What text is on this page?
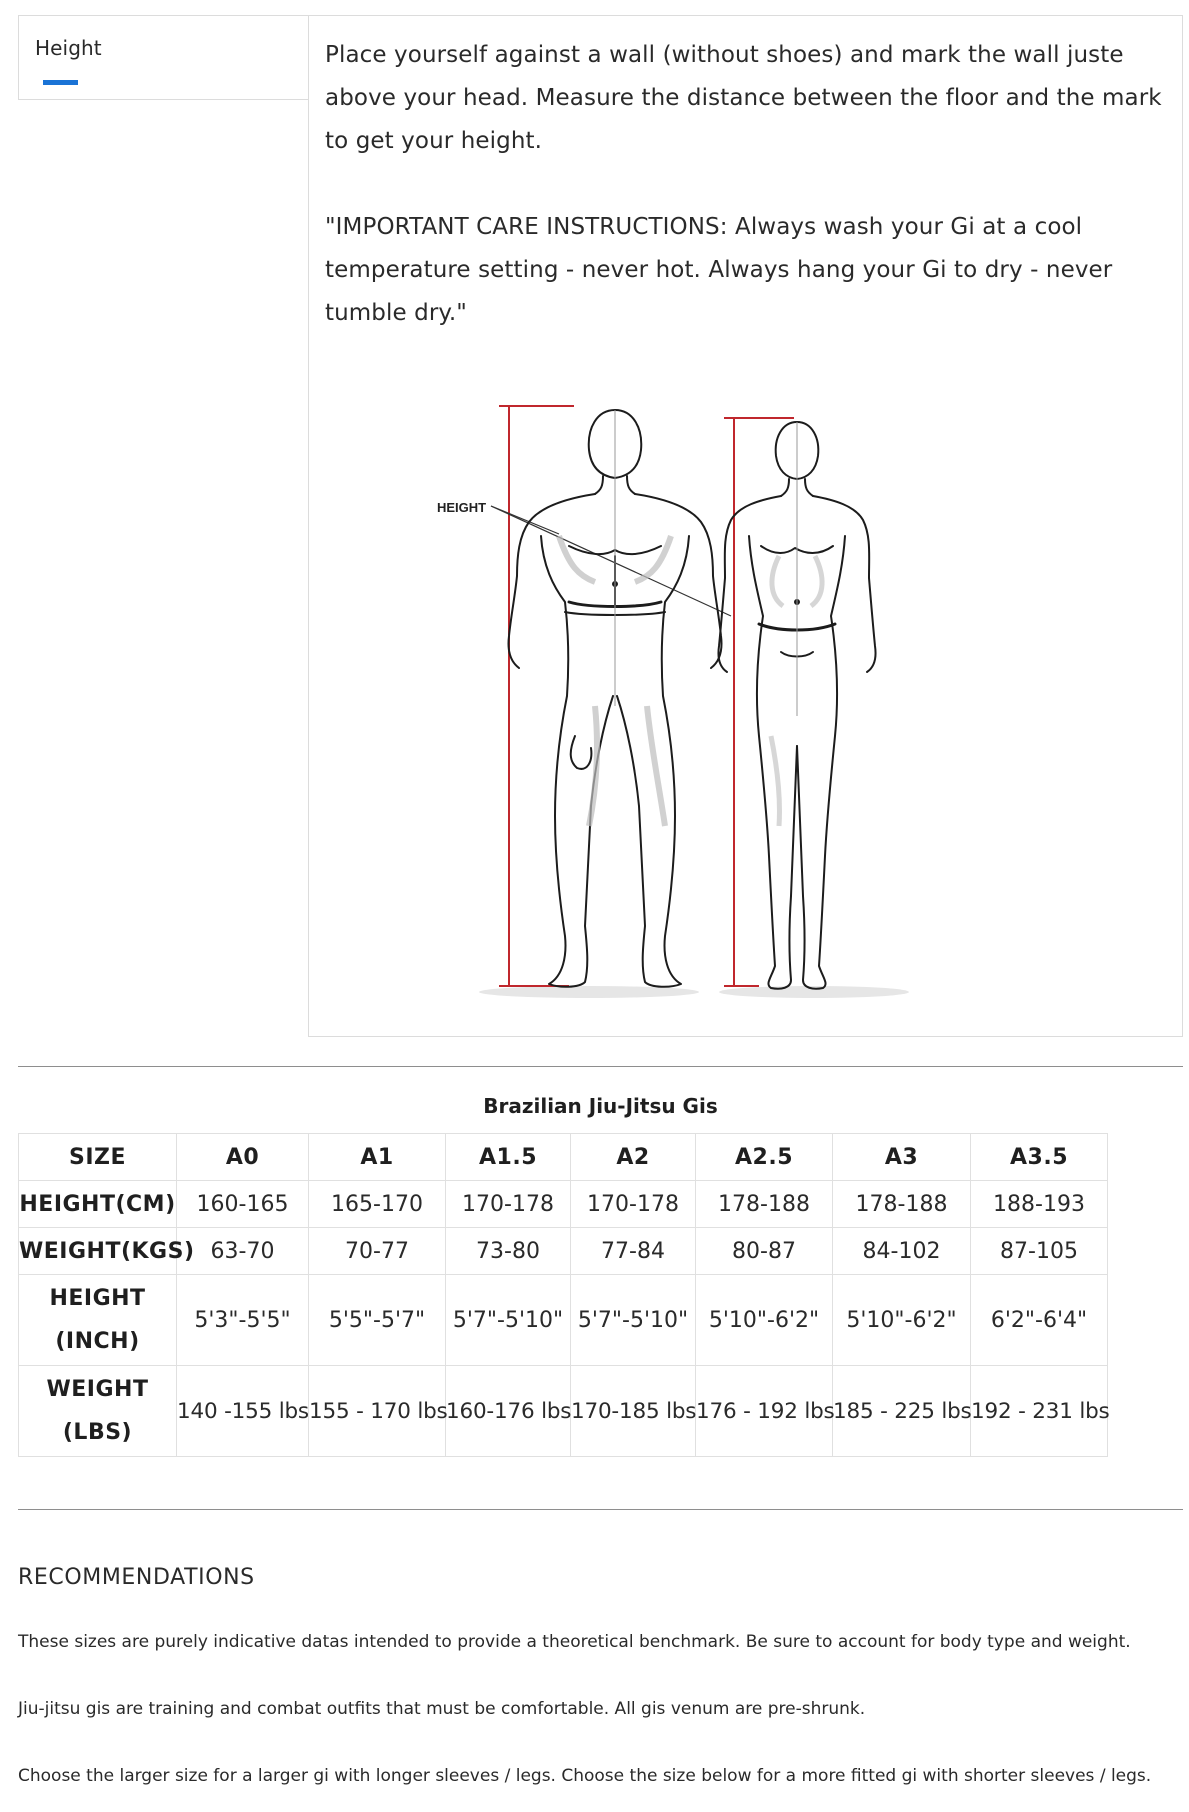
Height	Place yourself against a wall (without shoes) and mark the wall juste above your head. Measure the distance between the floor and the mark to get your height.

"IMPORTANT CARE INSTRUCTIONS: Always wash your Gi at a cool temperature setting - never hot. Always hang your Gi to dry - never tumble dry."

HEIGHT
Brazilian Jiu-Jitsu Gis
SIZE	A0	A1	A1.5	A2	A2.5	A3	A3.5
HEIGHT(CM)	160-165	165-170	170-178	170-178	178-188	178-188	188-193
WEIGHT(KGS)	63-70	70-77	73-80	77-84	80-87	84-102	87-105
HEIGHT (INCH)	5'3"-5'5"	5'5"-5'7"	5'7"-5'10"	5'7"-5'10"	5'10"-6'2"	5'10"-6'2"	6'2"-6'4"
WEIGHT (LBS)	140 -155 lbs	155 - 170 lbs	160-176 lbs	170-185 lbs	176 - 192 lbs	185 - 225 lbs	192 - 231 lbs
RECOMMENDATIONS

These sizes are purely indicative datas intended to provide a theoretical benchmark. Be sure to account for body type and weight.

Jiu-jitsu gis are training and combat outfits that must be comfortable. All gis venum are pre-shrunk.

Choose the larger size for a larger gi with longer sleeves / legs. Choose the size below for a more fitted gi with shorter sleeves / legs.
